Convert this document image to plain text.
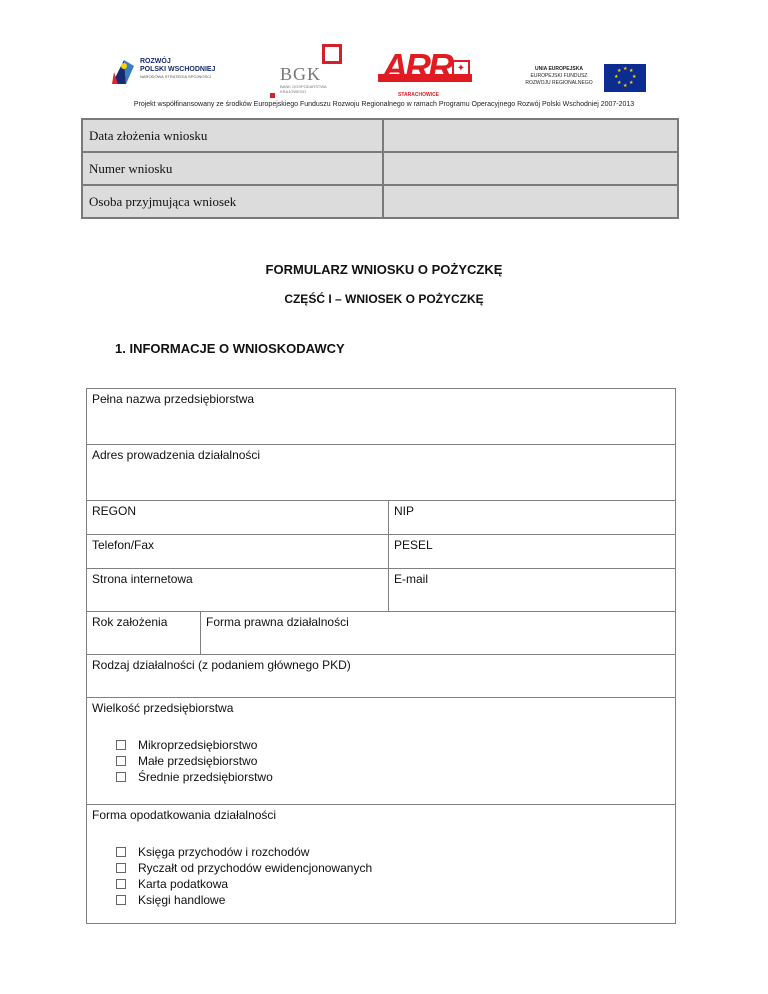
ROZWÓJ
POLSKI WSCHODNIEJ
NARODOWA STRATEGIA SPÓJNOŚCI	BGK
BANK GOSPODARSTWA
KRAJOWEGO
ARR ✦
STARACHOWICE
UNIA EUROPEJSKA
EUROPEJSKI FUNDUSZ
ROZWOJU REGIONALNEGO
★ ★
★
★
★
★
★
★
Projekt współfinansowany ze środków Europejskiego Funduszu Rozwoju Regionalnego w ramach Programu Operacyjnego Rozwój Polski Wschodniej 2007-2013
Data złożenia wniosku	
Numer wniosku	
Osoba przyjmująca wniosek	
FORMULARZ WNIOSKU O POŻYCZKĘ
CZĘŚĆ I – WNIOSEK O POŻYCZKĘ
1. INFORMACJE O WNIOSKODAWCY
Pełna nazwa przedsiębiorstwa
Adres prowadzenia działalności
REGON	NIP
Telefon/Fax	PESEL
Strona internetowa	E-mail
Rok założenia	Forma prawna działalności
Rodzaj działalności (z podaniem głównego PKD)
Wielkość przedsiębiorstwa
Mikroprzedsiębiorstwo
Małe przedsiębiorstwo
Średnie przedsiębiorstwo
Forma opodatkowania działalności
Księga przychodów i rozchodów
Ryczałt od przychodów ewidencjonowanych
Karta podatkowa
Księgi handlowe
